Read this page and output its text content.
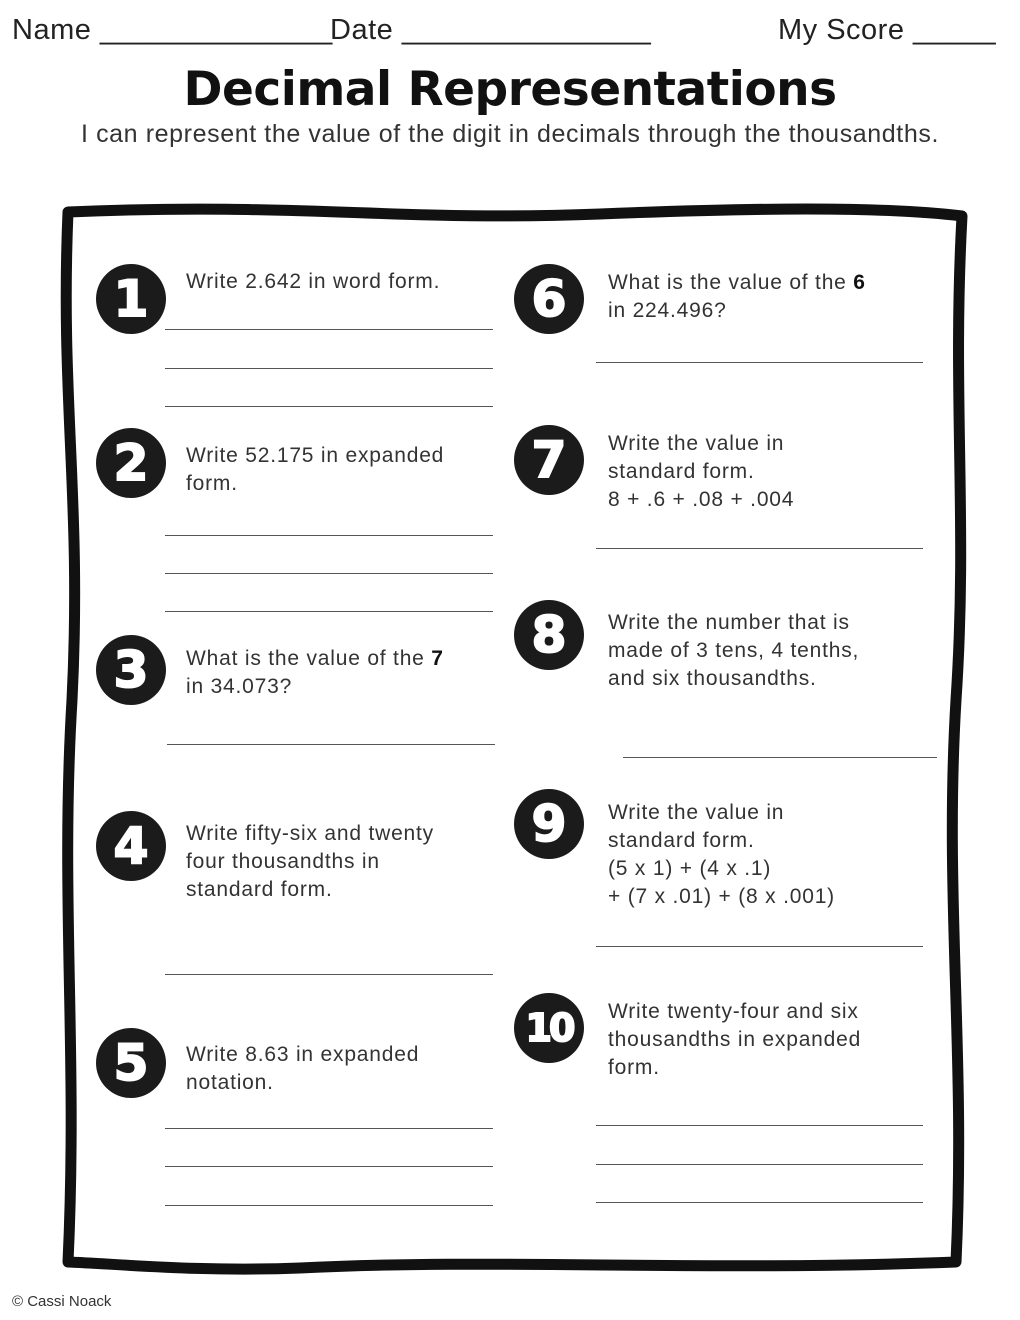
Name ______________
Date _______________	My Score _____
Decimal Representations
I can represent the value of the digit in decimals through the thousandths.
1 Write 2.642 in word form.
2 Write 52.175 in expanded
form.
3 What is the value of the 7
in 34.073?
4 Write fifty-six and twenty
four thousandths in
standard form.
5 Write 8.63 in expanded
notation.
6 What is the value of the 6
in 224.496?
7 Write the value in
standard form.
8 + .6 + .08 + .004
8 Write the number that is
made of 3 tens, 4 tenths,
and six thousandths.
9 Write the value in
standard form.
(5 x 1) + (4 x .1)
+ (7 x .01) + (8 x .001)
10 Write twenty-four and six
thousandths in expanded
form.
© Cassi Noack
